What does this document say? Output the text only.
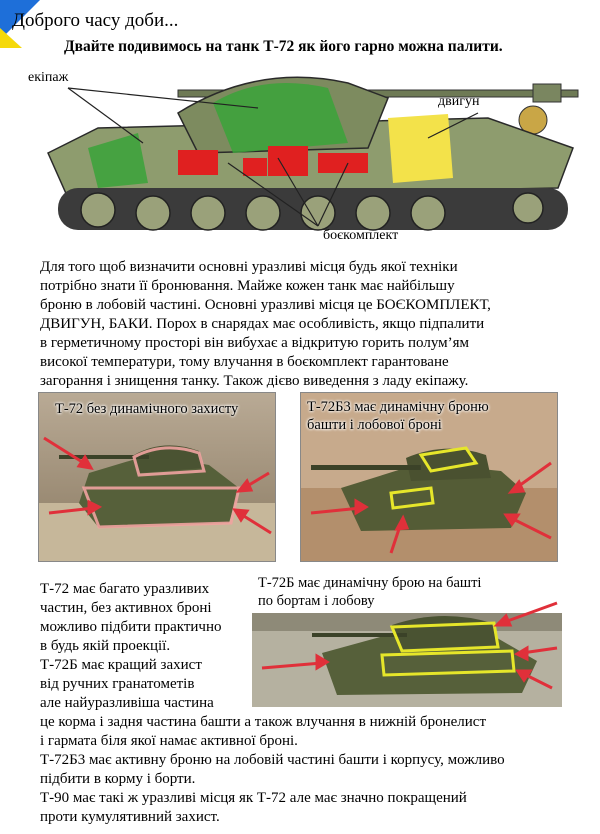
Доброго часу доби...
Двайте подивимось на танк Т-72 як його гарно можна палити.
екіпаж
двигун
боєкомплект

Для того щоб визначити основні уразливі місця будь якої техніки

потрібно знати її бронювання. Майже кожен танк має найбільшу

броню в лобовій частині. Основні уразливі місця це БОЄКОМПЛЕКТ,

ДВИГУН, БАКИ. Порох в снарядах має особливість, якщо підпалити

в герметичному просторі він вибухає а відкритую горить полум’ям

високої температури, тому влучання в боєкомплект гарантоване

загорання і знищення танку. Також дієво виведення з ладу екіпажу.

Т-72 без динамічного захисту	Т-72Б3 має динамічну броню
башти і лобової броні

Т-72 має багато уразливих

частин, без активнох броні

можливо підбити практично

в будь якій проекції.

Т-72Б має кращий захист

від ручних гранатометів

але найуразливіша частина

Т-72Б має динамічну брою на башті
по бортам і лобову

це корма і задня частина башти а також влучання в нижній бронелист

і гармата біля якої намає активної броні.

Т-72Б3 має активну броню на лобовій частині башти і корпусу, можливо

підбити в корму і борти.

Т-90 має такі ж уразливі місця як Т-72 але має значно покращений

проти кумулятивний захист.
